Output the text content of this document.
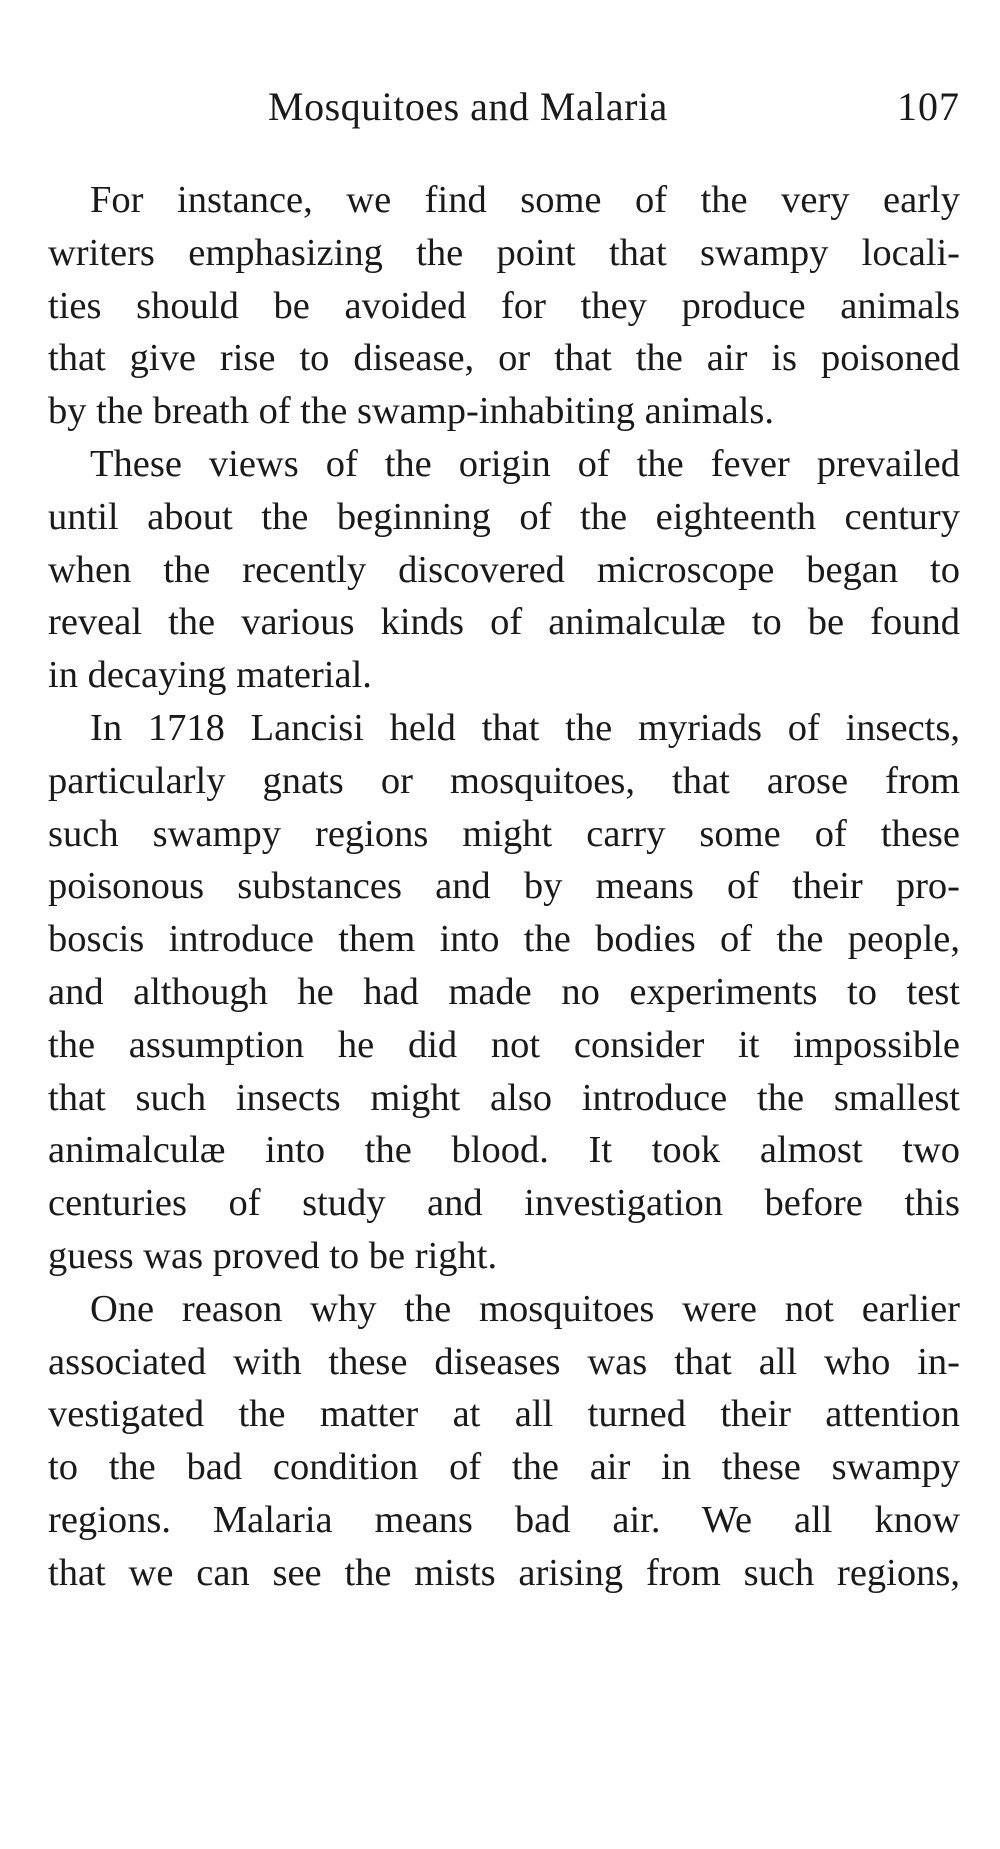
Mosquitoes and Malaria	107

For instance, we find some of the very early
writers emphasizing the point that swampy locali-
ties should be avoided for they produce animals
that give rise to disease, or that the air is poisoned
by the breath of the swamp-inhabiting animals.

These views of the origin of the fever prevailed
until about the beginning of the eighteenth century
when the recently discovered microscope began to
reveal the various kinds of animalculæ to be found
in decaying material.

In 1718 Lancisi held that the myriads of insects,
particularly gnats or mosquitoes, that arose from
such swampy regions might carry some of these
poisonous substances and by means of their pro-
boscis introduce them into the bodies of the people,
and although he had made no experiments to test
the assumption he did not consider it impossible
that such insects might also introduce the smallest
animalculæ into the blood. It took almost two
centuries of study and investigation before this
guess was proved to be right.

One reason why the mosquitoes were not earlier
associated with these diseases was that all who in-
vestigated the matter at all turned their attention
to the bad condition of the air in these swampy
regions. Malaria means bad air. We all know
that we can see the mists arising from such regions,
